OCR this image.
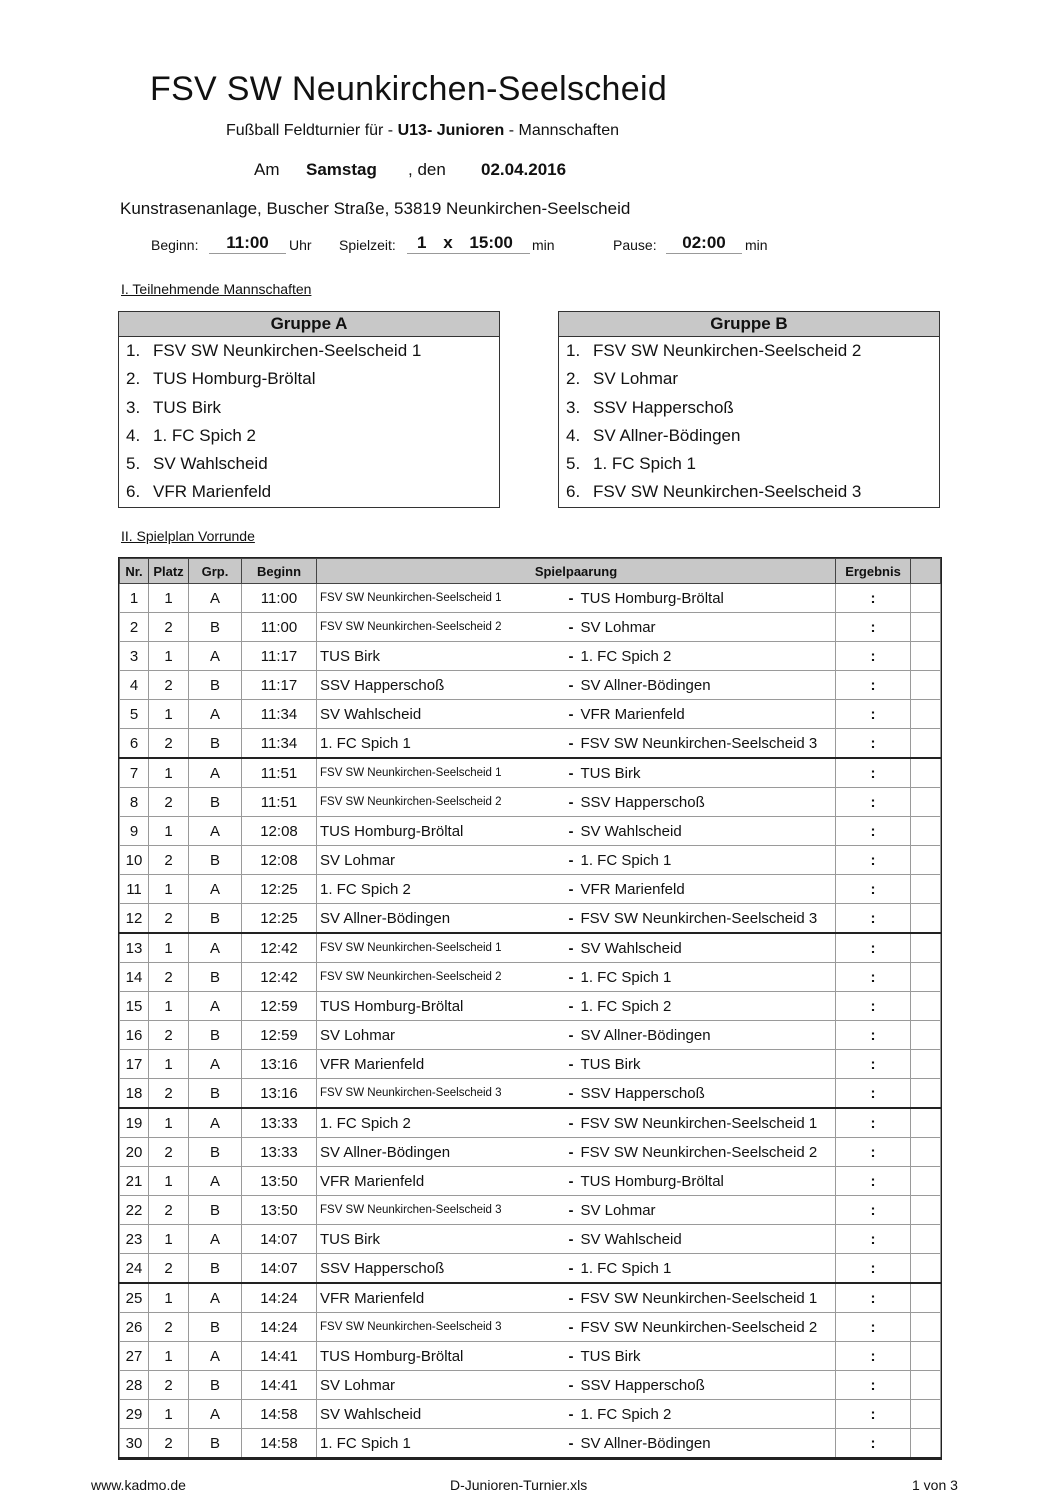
FSV SW Neunkirchen-Seelscheid
Fußball Feldturnier für - U13- Junioren - Mannschaften
Am Samstag , den 02.04.2016
Kunstrasenanlage, Buscher Straße, 53819 Neunkirchen-Seelscheid
Beginn:	11:00	Uhr Spielzeit:	1 x 15:00	min	Pause:	02:00	min
I. Teilnehmende Mannschaften
Gruppe A
1. FSV SW Neunkirchen-Seelscheid 1
2. TUS Homburg-Bröltal
3. TUS Birk
4. 1. FC Spich 2
5. SV Wahlscheid
6. VFR Marienfeld
Gruppe B
1. FSV SW Neunkirchen-Seelscheid 2
2. SV Lohmar
3. SSV Happerschoß
4. SV Allner-Bödingen
5. 1. FC Spich 1
6. FSV SW Neunkirchen-Seelscheid 3
II. Spielplan Vorrunde
Nr.	Platz	Grp.	Beginn	Spielpaarung			Ergebnis	
1	1	A	11:00	FSV SW Neunkirchen-Seelscheid 1	-	TUS Homburg-Bröltal	:	
2	2	B	11:00	FSV SW Neunkirchen-Seelscheid 2	-	SV Lohmar	:	
3	1	A	11:17	TUS Birk	-	1. FC Spich 2	:	
4	2	B	11:17	SSV Happerschoß	-	SV Allner-Bödingen	:	
5	1	A	11:34	SV Wahlscheid	-	VFR Marienfeld	:	
6	2	B	11:34	1. FC Spich 1	-	FSV SW Neunkirchen-Seelscheid 3	:	
7	1	A	11:51	FSV SW Neunkirchen-Seelscheid 1	-	TUS Birk	:	
8	2	B	11:51	FSV SW Neunkirchen-Seelscheid 2	-	SSV Happerschoß	:	
9	1	A	12:08	TUS Homburg-Bröltal	-	SV Wahlscheid	:	
10	2	B	12:08	SV Lohmar	-	1. FC Spich 1	:	
11	1	A	12:25	1. FC Spich 2	-	VFR Marienfeld	:	
12	2	B	12:25	SV Allner-Bödingen	-	FSV SW Neunkirchen-Seelscheid 3	:	
13	1	A	12:42	FSV SW Neunkirchen-Seelscheid 1	-	SV Wahlscheid	:	
14	2	B	12:42	FSV SW Neunkirchen-Seelscheid 2	-	1. FC Spich 1	:	
15	1	A	12:59	TUS Homburg-Bröltal	-	1. FC Spich 2	:	
16	2	B	12:59	SV Lohmar	-	SV Allner-Bödingen	:	
17	1	A	13:16	VFR Marienfeld	-	TUS Birk	:	
18	2	B	13:16	FSV SW Neunkirchen-Seelscheid 3	-	SSV Happerschoß	:	
19	1	A	13:33	1. FC Spich 2	-	FSV SW Neunkirchen-Seelscheid 1	:	
20	2	B	13:33	SV Allner-Bödingen	-	FSV SW Neunkirchen-Seelscheid 2	:	
21	1	A	13:50	VFR Marienfeld	-	TUS Homburg-Bröltal	:	
22	2	B	13:50	FSV SW Neunkirchen-Seelscheid 3	-	SV Lohmar	:	
23	1	A	14:07	TUS Birk	-	SV Wahlscheid	:	
24	2	B	14:07	SSV Happerschoß	-	1. FC Spich 1	:	
25	1	A	14:24	VFR Marienfeld	-	FSV SW Neunkirchen-Seelscheid 1	:	
26	2	B	14:24	FSV SW Neunkirchen-Seelscheid 3	-	FSV SW Neunkirchen-Seelscheid 2	:	
27	1	A	14:41	TUS Homburg-Bröltal	-	TUS Birk	:	
28	2	B	14:41	SV Lohmar	-	SSV Happerschoß	:	
29	1	A	14:58	SV Wahlscheid	-	1. FC Spich 2	:	
30	2	B	14:58	1. FC Spich 1	-	SV Allner-Bödingen	:	
www.kadmo.de	D-Junioren-Turnier.xls	1 von 3
